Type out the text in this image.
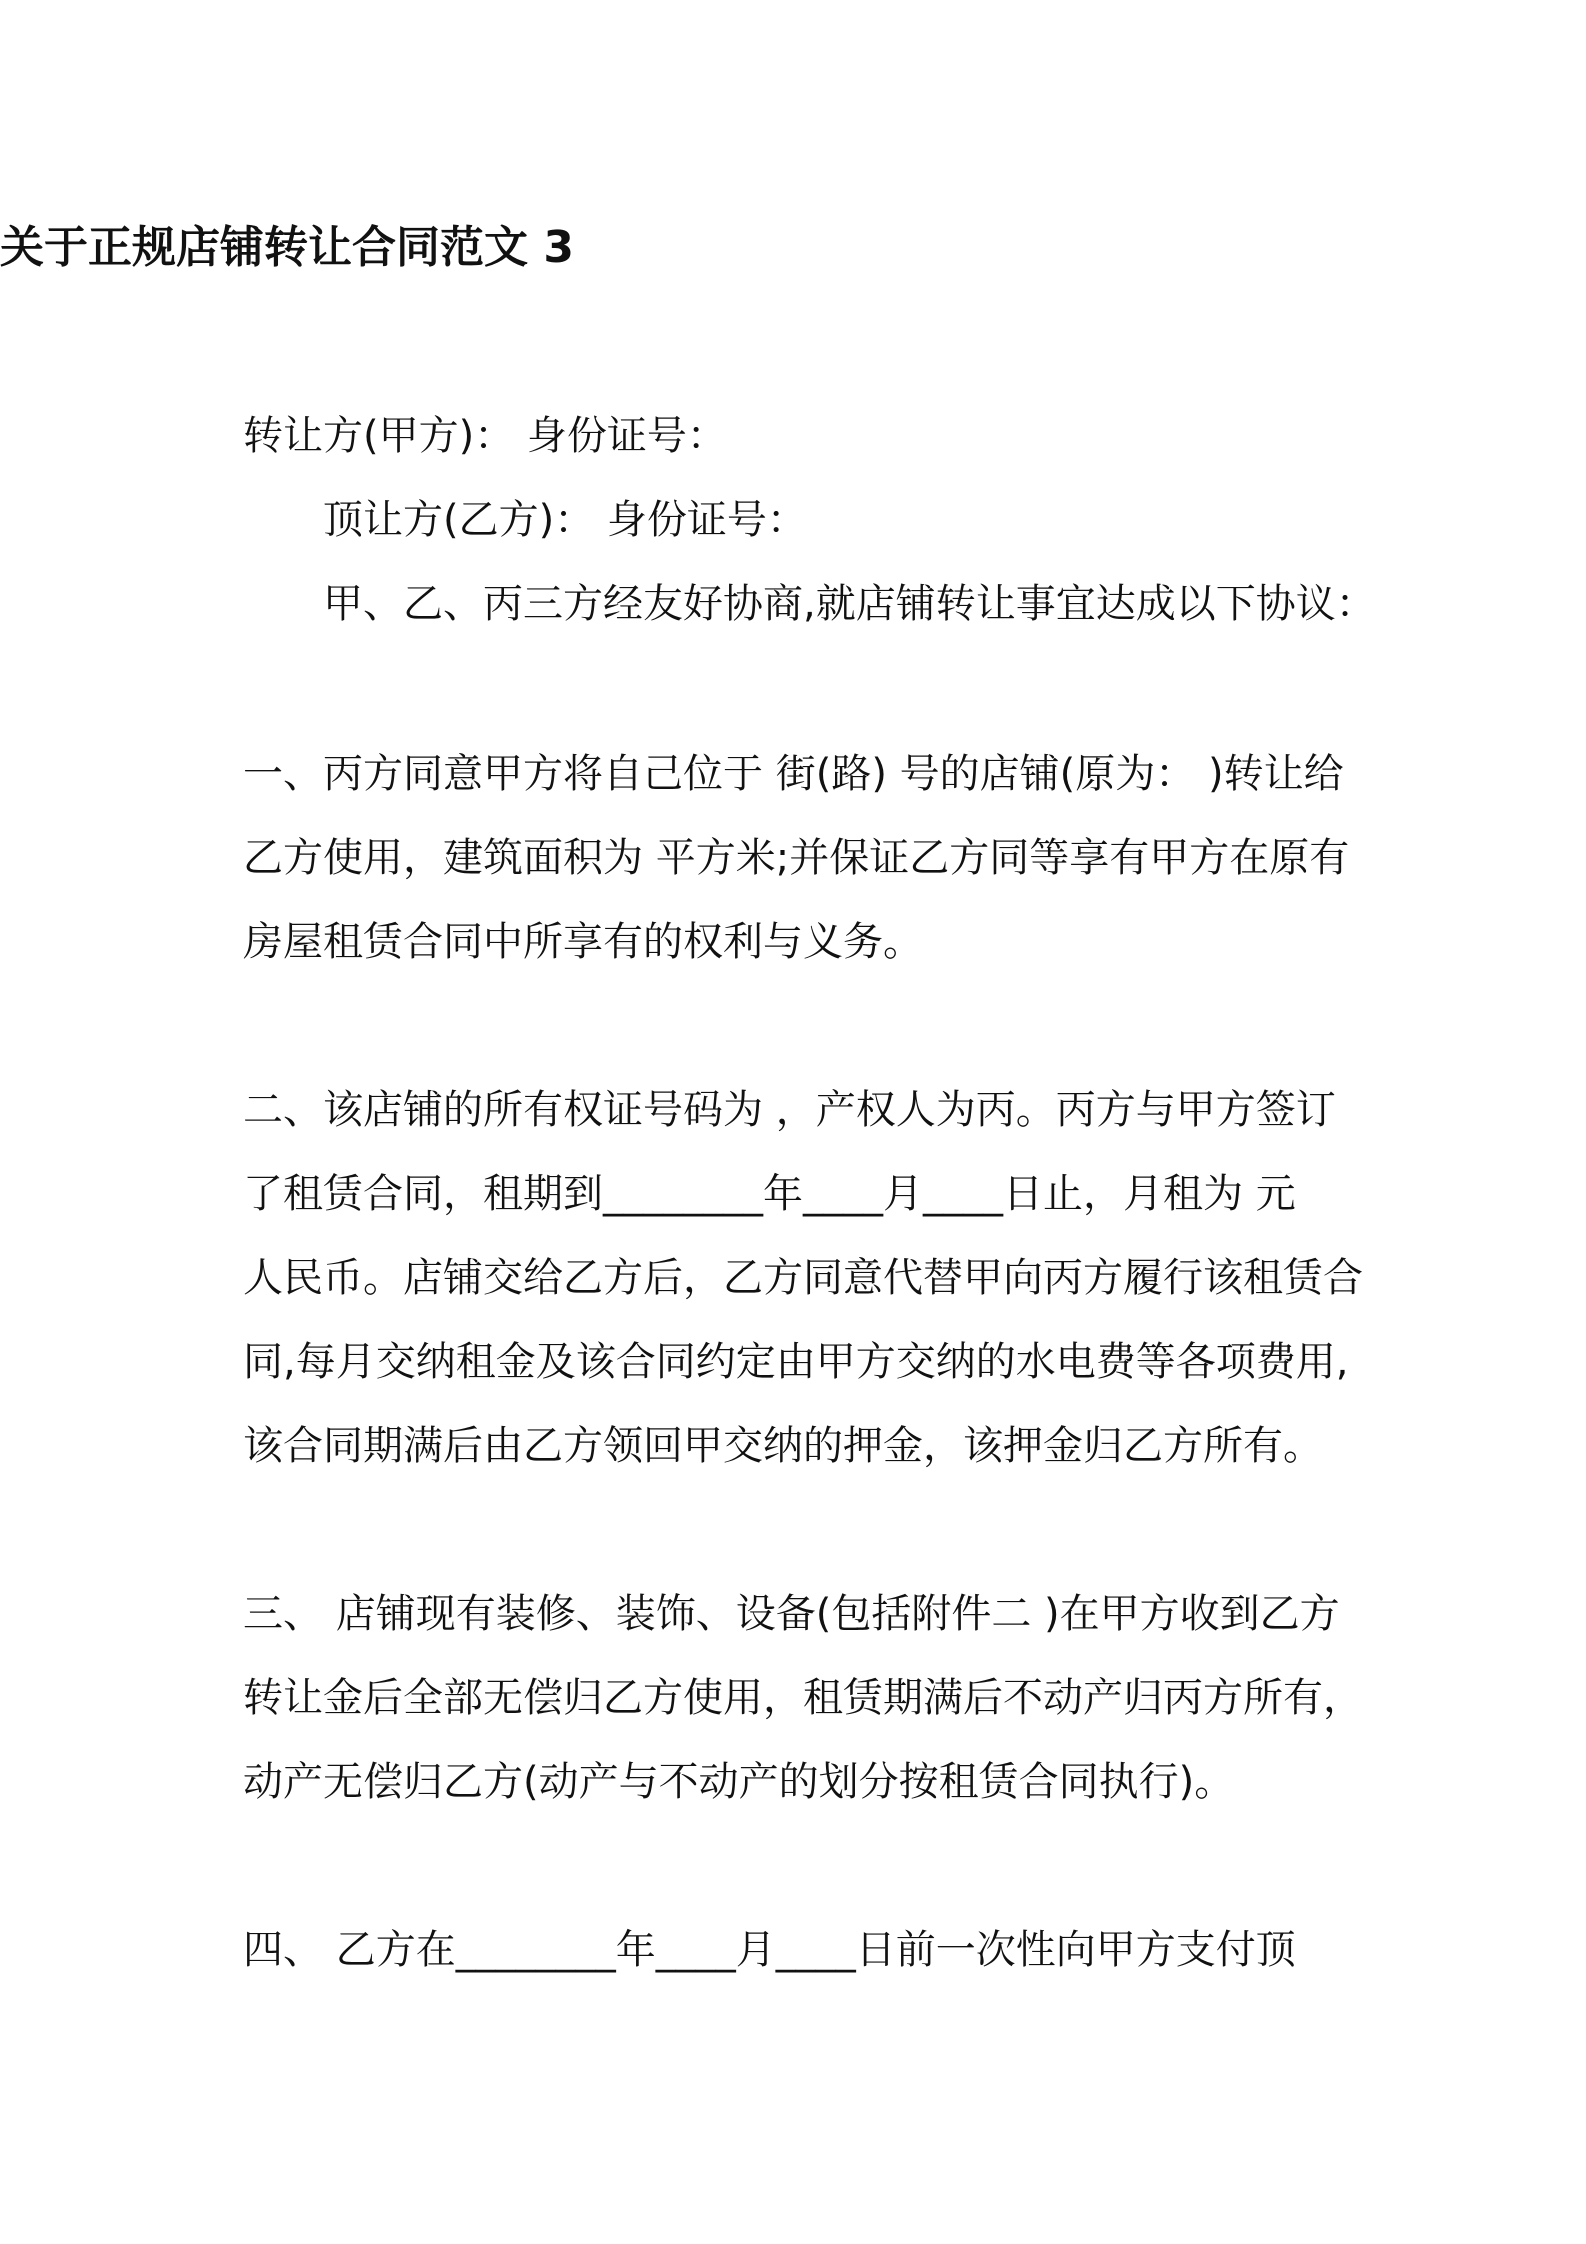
关于正规店铺转让合同范文 3
转让方(甲方)： 身份证号：
顶让方(乙方)： 身份证号：
甲、乙、丙三方经友好协商,就店铺转让事宜达成以下协议：
一、丙方同意甲方将自己位于 街(路) 号的店铺(原为： )转让给
乙方使用，建筑面积为 平方米;并保证乙方同等享有甲方在原有
房屋租赁合同中所享有的权利与义务。
二、该店铺的所有权证号码为 ，产权人为丙。丙方与甲方签订
了租赁合同，租期到________年____月____日止，月租为 元
人民币。店铺交给乙方后，乙方同意代替甲向丙方履行该租赁合
同,每月交纳租金及该合同约定由甲方交纳的水电费等各项费用,
该合同期满后由乙方领回甲交纳的押金，该押金归乙方所有。
三、 店铺现有装修、装饰、设备(包括附件二 )在甲方收到乙方
转让金后全部无偿归乙方使用，租赁期满后不动产归丙方所有，
动产无偿归乙方(动产与不动产的划分按租赁合同执行)。
四、 乙方在________年____月____日前一次性向甲方支付顶
